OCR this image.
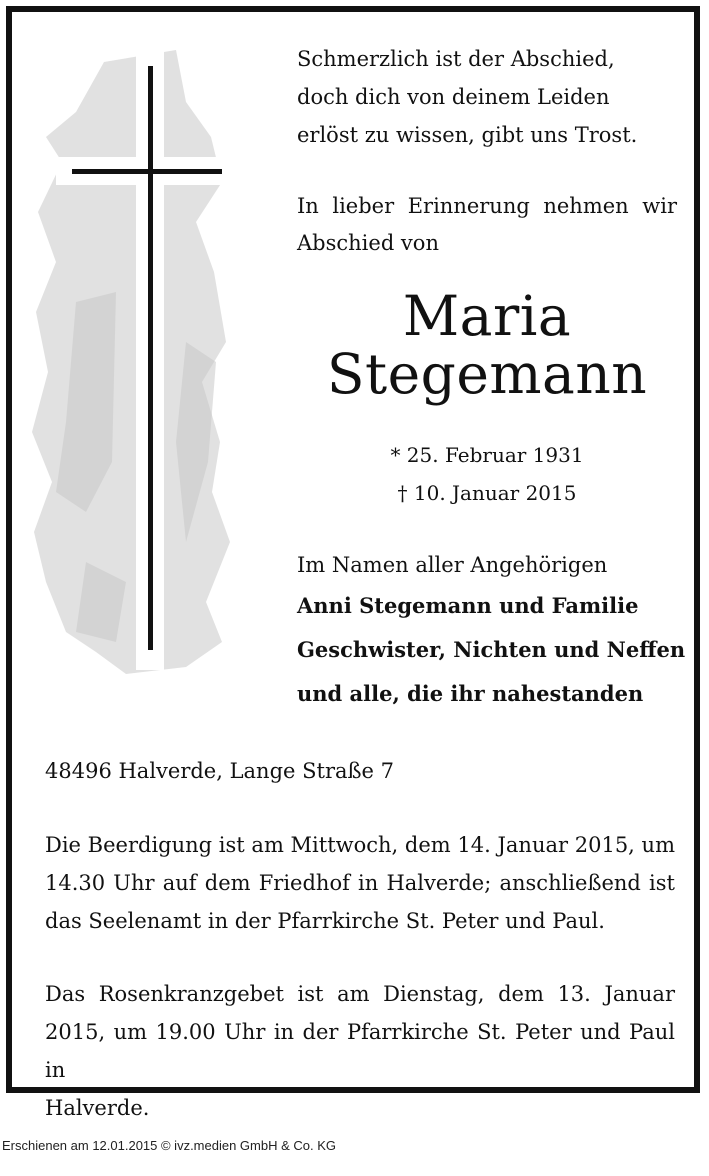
Schmerzlich ist der Abschied,

doch dich von deinem Leiden

erlöst zu wissen, gibt uns Trost.

In lieber Erinnerung nehmen wir
Abschied von
Maria
Stegemann
* 25. Februar 1931
† 10. Januar 2015
Im Namen aller Angehörigen
Anni Stegemann und Familie
Geschwister, Nichten und Neffen
und alle, die ihr nahestanden
48496 Halverde, Lange Straße 7
Die Beerdigung ist am Mittwoch, dem 14. Januar 2015, um
14.30 Uhr auf dem Friedhof in Halverde; anschließend ist
das Seelenamt in der Pfarrkirche St. Peter und Paul.
Das Rosenkranzgebet ist am Dienstag, dem 13. Januar
2015, um 19.00 Uhr in der Pfarrkirche St. Peter und Paul in
Halverde.
Erschienen am 12.01.2015 © ivz.medien GmbH & Co. KG
